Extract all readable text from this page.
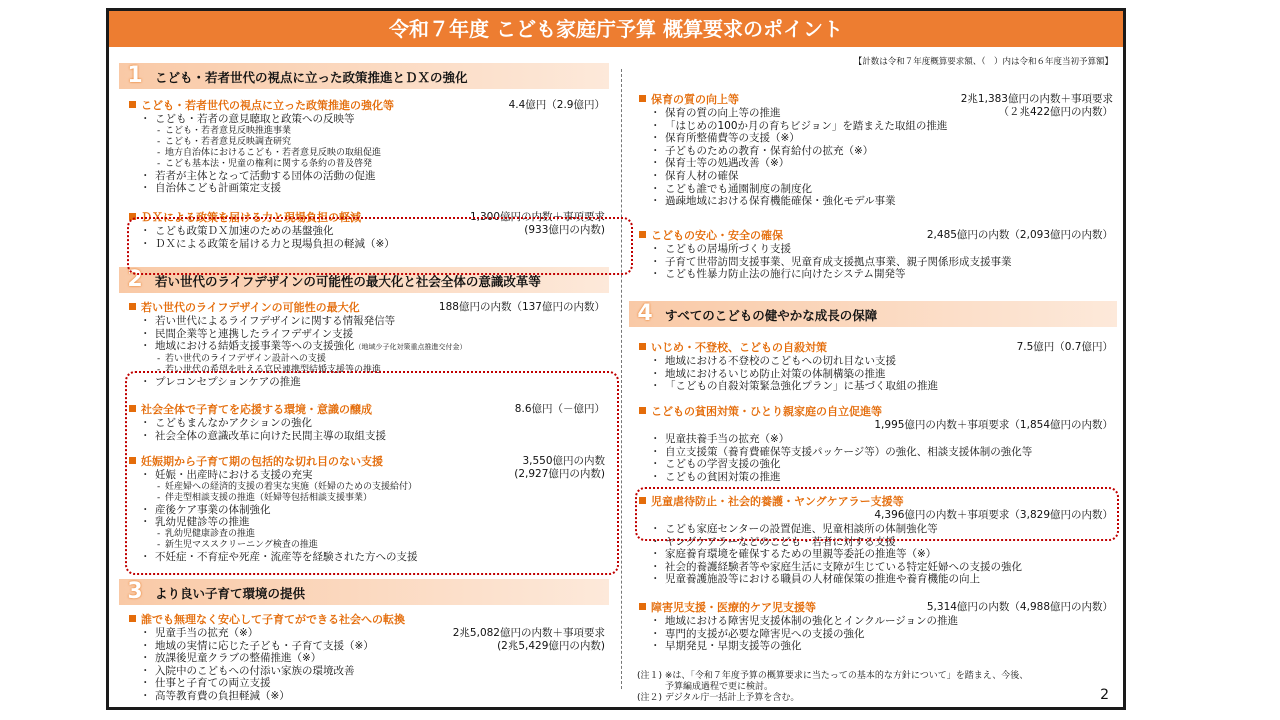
令和７年度 こども家庭庁予算 概算要求のポイント
【計数は令和７年度概算要求額、（　）内は令和６年度当初予算額】
1 こども・若者世代の視点に立った政策推進とＤＸの強化
こども・若者世代の視点に立った政策推進の強化等	4.4億円（2.9億円）
・ こども・若者の意見聴取と政策への反映等
- こども・若者意見反映推進事業
- こども・若者意見反映調査研究
- 地方自治体におけるこども・若者意見反映の取組促進
- こども基本法・児童の権利に関する条約の普及啓発
・ 若者が主体となって活動する団体の活動の促進
・ 自治体こども計画策定支援
ＤＸによる政策を届ける力と現場負担の軽減	1,300億円の内数＋事項要求
(933億円の内数)
・ こども政策ＤＸ加速のための基盤強化
・ ＤＸによる政策を届ける力と現場負担の軽減（※）
2 若い世代のライフデザインの可能性の最大化と社会全体の意識改革等
若い世代のライフデザインの可能性の最大化	188億円の内数（137億円の内数）
・ 若い世代によるライフデザインに関する情報発信等
・ 民間企業等と連携したライフデザイン支援
・ 地域における結婚支援事業等への支援強化（地域少子化対策重点推進交付金）
- 若い世代のライフデザイン設計への支援
- 若い世代の希望を叶える官民連携型結婚支援等の推進
・ プレコンセプションケアの推進
社会全体で子育てを応援する環境・意識の醸成	8.6億円（－億円）
・ こどもまんなかアクションの強化
・ 社会全体の意識改革に向けた民間主導の取組支援
妊娠期から子育て期の包括的な切れ目のない支援	3,550億円の内数
(2,927億円の内数)
・ 妊娠・出産時における支援の充実
- 妊産婦への経済的支援の着実な実施（妊婦のための支援給付）
- 伴走型相談支援の推進（妊婦等包括相談支援事業）
・ 産後ケア事業の体制強化
・ 乳幼児健診等の推進
- 乳幼児健康診査の推進
- 新生児マススクリーニング検査の推進
・ 不妊症・不育症や死産・流産等を経験された方への支援
3 より良い子育て環境の提供
誰でも無理なく安心して子育てができる社会への転換
2兆5,082億円の内数＋事項要求
(2兆5,429億円の内数)
・ 児童手当の拡充（※）
・ 地域の実情に応じた子ども・子育て支援（※）
・ 放課後児童クラブの整備推進（※）
・ 入院中のこどもへの付添い家族の環境改善
・ 仕事と子育ての両立支援
・ 高等教育費の負担軽減（※）
保育の質の向上等	2兆1,383億円の内数＋事項要求
（２兆422億円の内数）
・ 保育の質の向上等の推進
・ 「はじめの100か月の育ちビジョン」を踏まえた取組の推進
・ 保育所整備費等の支援（※）
・ 子どものための教育・保育給付の拡充（※）
・ 保育士等の処遇改善（※）
・ 保育人材の確保
・ こども誰でも通園制度の制度化
・ 過疎地域における保育機能確保・強化モデル事業
こどもの安心・安全の確保	2,485億円の内数（2,093億円の内数）
・ こどもの居場所づくり支援
・ 子育て世帯訪問支援事業、児童育成支援拠点事業、親子関係形成支援事業
・ こども性暴力防止法の施行に向けたシステム開発等
4 すべてのこどもの健やかな成長の保障
いじめ・不登校、こどもの自殺対策	7.5億円（0.7億円）
・ 地域における不登校のこどもへの切れ目ない支援
・ 地域におけるいじめ防止対策の体制構築の推進
・ 「こどもの自殺対策緊急強化プラン」に基づく取組の推進
こどもの貧困対策・ひとり親家庭の自立促進等
1,995億円の内数＋事項要求（1,854億円の内数）
・ 児童扶養手当の拡充（※）
・ 自立支援策（養育費確保等支援パッケージ等）の強化、相談支援体制の強化等
・ こどもの学習支援の強化
・ こどもの貧困対策の推進
児童虐待防止・社会的養護・ヤングケアラー支援等
4,396億円の内数＋事項要求（3,829億円の内数）
・ こども家庭センターの設置促進、児童相談所の体制強化等
・ ヤングケアラーなどのこども・若者に対する支援
・ 家庭養育環境を確保するための里親等委託の推進等（※）
・ 社会的養護経験者等や家庭生活に支障が生じている特定妊婦への支援の強化
・ 児童養護施設等における職員の人材確保策の推進や養育機能の向上
障害児支援・医療的ケア児支援等	5,314億円の内数（4,988億円の内数）
・ 地域における障害児支援体制の強化とインクルージョンの推進
・ 専門的支援が必要な障害児への支援の強化
・ 早期発見・早期支援等の強化
(注１) ※は、「令和７年度予算の概算要求に当たっての基本的な方針について」を踏まえ、今後、
予算編成過程で更に検討。
(注２) デジタル庁一括計上予算を含む。	2
